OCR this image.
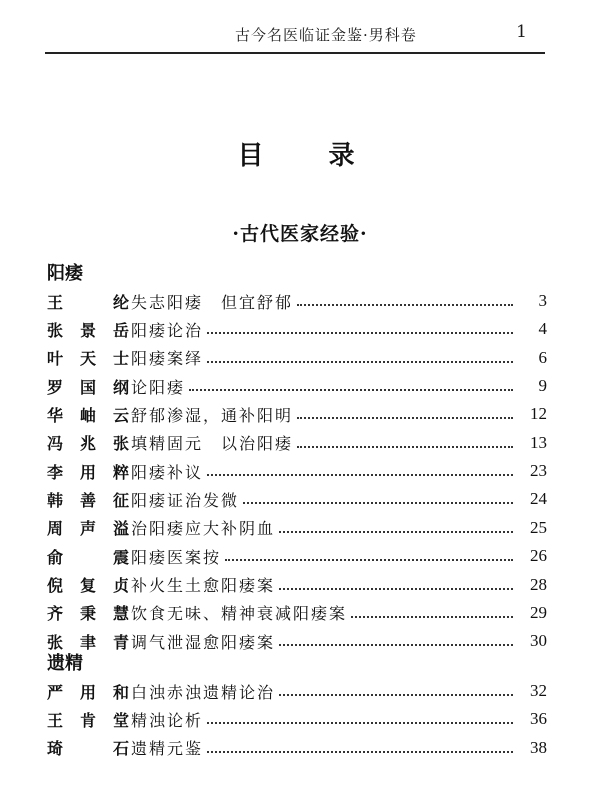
古今名医临证金鉴·男科卷	1
目 录
·古代医家经验·
阳痿
王	纶 失志阳痿　但宜舒郁	3
张 景 岳 阳痿论治	4
叶 天 士 阳痿案绎	6
罗 国 纲 论阳痿	9
华 岫 云 舒郁渗湿，通补阳明	12
冯 兆 张 填精固元　以治阳痿	13
李 用 粹 阳痿补议	23
韩 善 征 阳痿证治发微	24
周 声 溢 治阳痿应大补阴血	25
俞	震 阳痿医案按	26
倪 复 贞 补火生土愈阳痿案	28
齐 秉 慧 饮食无味、精神衰减阳痿案	29
张 聿 青 调气泄湿愈阳痿案	30
遗精
严 用 和 白浊赤浊遗精论治	32
王 肯 堂 精浊论析	36
琦	石 遗精元鉴	38
